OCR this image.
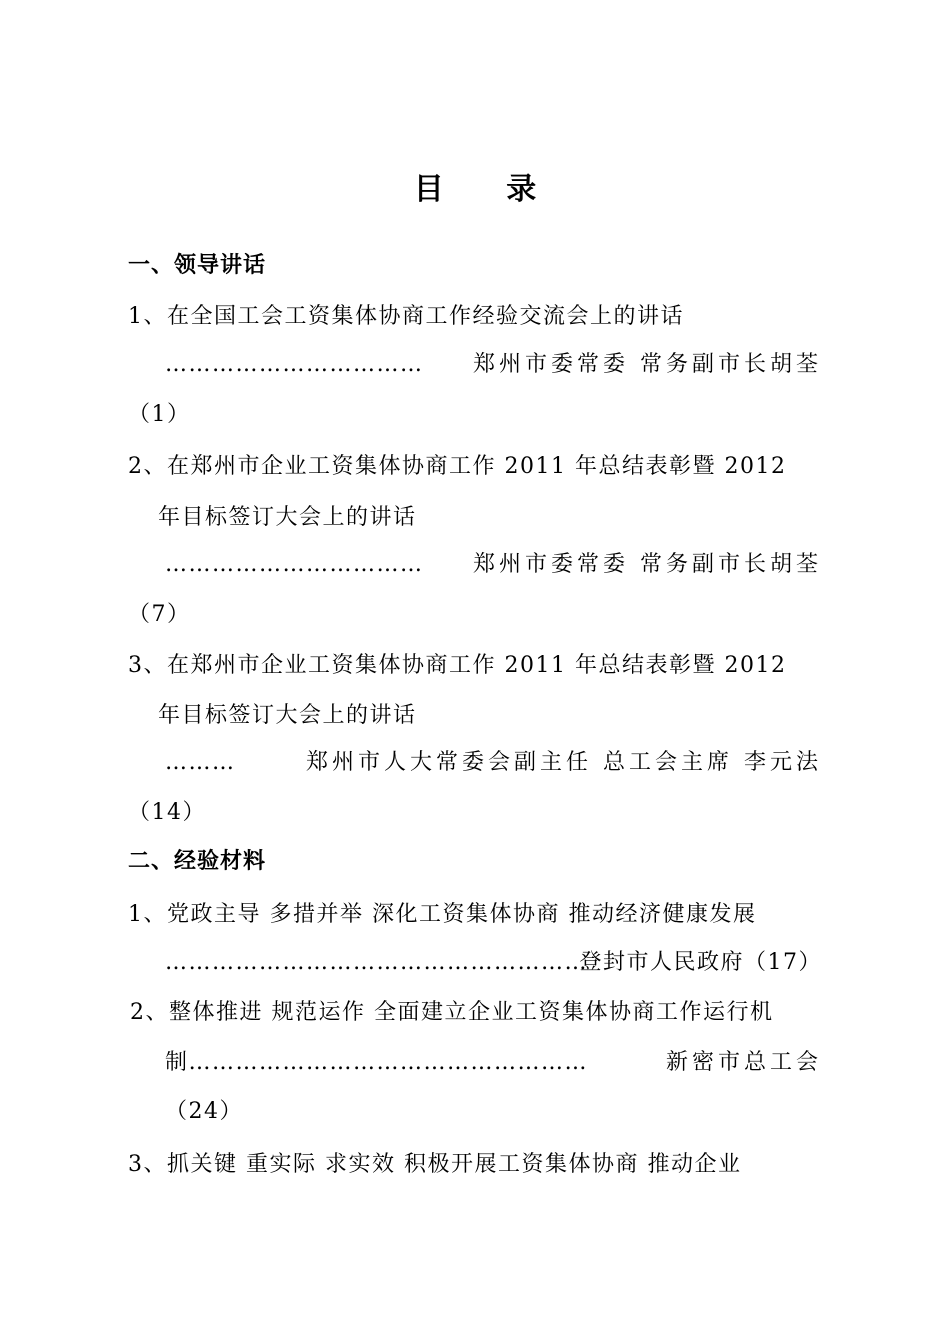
目 录
一、领导讲话
1、在全国工会工资集体协商工作经验交流会上的讲话
…………………………… 郑州市委常委 常务副市长胡荃
（1）
2、在郑州市企业工资集体协商工作 2011 年总结表彰暨 2012
年目标签订大会上的讲话
…………………………… 郑州市委常委 常务副市长胡荃
（7）
3、在郑州市企业工资集体协商工作 2011 年总结表彰暨 2012
年目标签订大会上的讲话
………	郑州市人大常委会副主任 总工会主席 李元法
（14）
二、经验材料
1、党政主导 多措并举 深化工资集体协商 推动经济健康发展
………………………………………………
登封市人民政府（17）
2、整体推进 规范运作 全面建立企业工资集体协商工作运行机
制……………………………………………	新密市总工会
（24）
3、抓关键 重实际 求实效 积极开展工资集体协商 推动企业
